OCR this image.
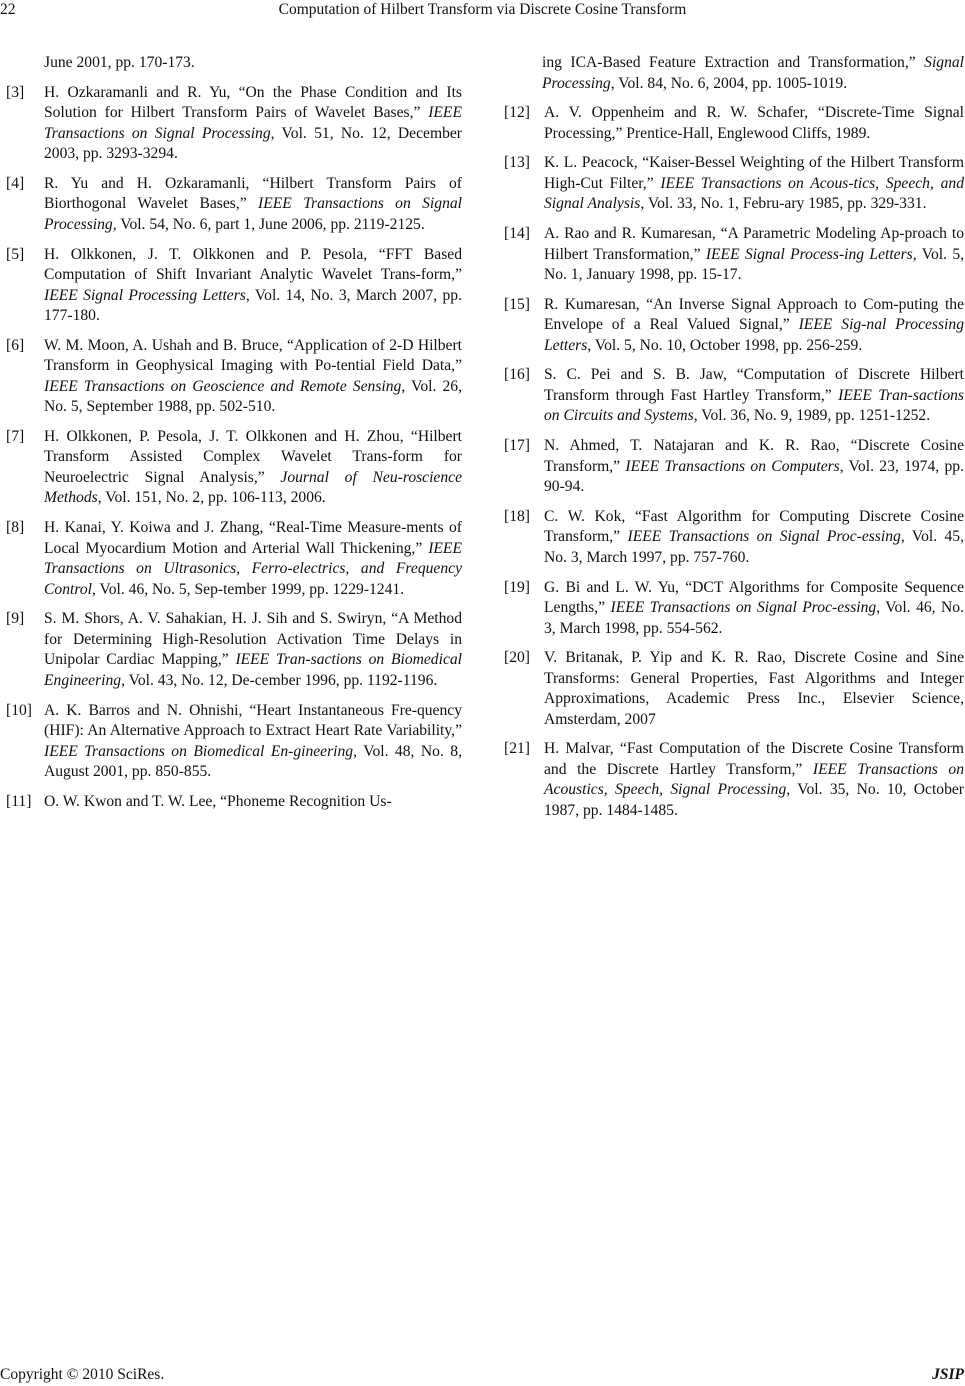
22	Computation of Hilbert Transform via Discrete Cosine Transform
June 2001, pp. 170-173.
[3]	H. Ozkaramanli and R. Yu, “On the Phase Condition and Its Solution for Hilbert Transform Pairs of Wavelet Bases,” IEEE Transactions on Signal Processing, Vol. 51, No. 12, December 2003, pp. 3293-3294.
[4]	R. Yu and H. Ozkaramanli, “Hilbert Transform Pairs of Biorthogonal Wavelet Bases,” IEEE Transactions on Signal Processing, Vol. 54, No. 6, part 1, June 2006, pp. 2119-2125.
[5]	H. Olkkonen, J. T. Olkkonen and P. Pesola, “FFT Based Computation of Shift Invariant Analytic Wavelet Trans-form,” IEEE Signal Processing Letters, Vol. 14, No. 3, March 2007, pp. 177-180.
[6]	W. M. Moon, A. Ushah and B. Bruce, “Application of 2-D Hilbert Transform in Geophysical Imaging with Po-tential Field Data,” IEEE Transactions on Geoscience and Remote Sensing, Vol. 26, No. 5, September 1988, pp. 502-510.
[7]	H. Olkkonen, P. Pesola, J. T. Olkkonen and H. Zhou, “Hilbert Transform Assisted Complex Wavelet Trans-form for Neuroelectric Signal Analysis,” Journal of Neu-roscience Methods, Vol. 151, No. 2, pp. 106-113, 2006.
[8]	H. Kanai, Y. Koiwa and J. Zhang, “Real-Time Measure-ments of Local Myocardium Motion and Arterial Wall Thickening,” IEEE Transactions on Ultrasonics, Ferro-electrics, and Frequency Control, Vol. 46, No. 5, Sep-tember 1999, pp. 1229-1241.
[9]	S. M. Shors, A. V. Sahakian, H. J. Sih and S. Swiryn, “A Method for Determining High-Resolution Activation Time Delays in Unipolar Cardiac Mapping,” IEEE Tran-sactions on Biomedical Engineering, Vol. 43, No. 12, De-cember 1996, pp. 1192-1196.
[10] A. K. Barros and N. Ohnishi, “Heart Instantaneous Fre-quency (HIF): An Alternative Approach to Extract Heart Rate Variability,” IEEE Transactions on Biomedical En-gineering, Vol. 48, No. 8, August 2001, pp. 850-855.
[11] O. W. Kwon and T. W. Lee, “Phoneme Recognition Us-
ing ICA-Based Feature Extraction and Transformation,” Signal Processing, Vol. 84, No. 6, 2004, pp. 1005-1019.
[12] A. V. Oppenheim and R. W. Schafer, “Discrete-Time Signal Processing,” Prentice-Hall, Englewood Cliffs, 1989.
[13] K. L. Peacock, “Kaiser-Bessel Weighting of the Hilbert Transform High-Cut Filter,” IEEE Transactions on Acous-tics, Speech, and Signal Analysis, Vol. 33, No. 1, Febru-ary 1985, pp. 329-331.
[14] A. Rao and R. Kumaresan, “A Parametric Modeling Ap-proach to Hilbert Transformation,” IEEE Signal Process-ing Letters, Vol. 5, No. 1, January 1998, pp. 15-17.
[15] R. Kumaresan, “An Inverse Signal Approach to Com-puting the Envelope of a Real Valued Signal,” IEEE Sig-nal Processing Letters, Vol. 5, No. 10, October 1998, pp. 256-259.
[16] S. C. Pei and S. B. Jaw, “Computation of Discrete Hilbert Transform through Fast Hartley Transform,” IEEE Tran-sactions on Circuits and Systems, Vol. 36, No. 9, 1989, pp. 1251-1252.
[17] N. Ahmed, T. Natajaran and K. R. Rao, “Discrete Cosine Transform,” IEEE Transactions on Computers, Vol. 23, 1974, pp. 90-94.
[18] C. W. Kok, “Fast Algorithm for Computing Discrete Cosine Transform,” IEEE Transactions on Signal Proc-essing, Vol. 45, No. 3, March 1997, pp. 757-760.
[19] G. Bi and L. W. Yu, “DCT Algorithms for Composite Sequence Lengths,” IEEE Transactions on Signal Proc-essing, Vol. 46, No. 3, March 1998, pp. 554-562.
[20] V. Britanak, P. Yip and K. R. Rao, Discrete Cosine and Sine Transforms: General Properties, Fast Algorithms and Integer Approximations, Academic Press Inc., Elsevier Science, Amsterdam, 2007
[21] H. Malvar, “Fast Computation of the Discrete Cosine Transform and the Discrete Hartley Transform,” IEEE Transactions on Acoustics, Speech, Signal Processing, Vol. 35, No. 10, October 1987, pp. 1484-1485.
Copyright © 2010 SciRes.	JSIP
